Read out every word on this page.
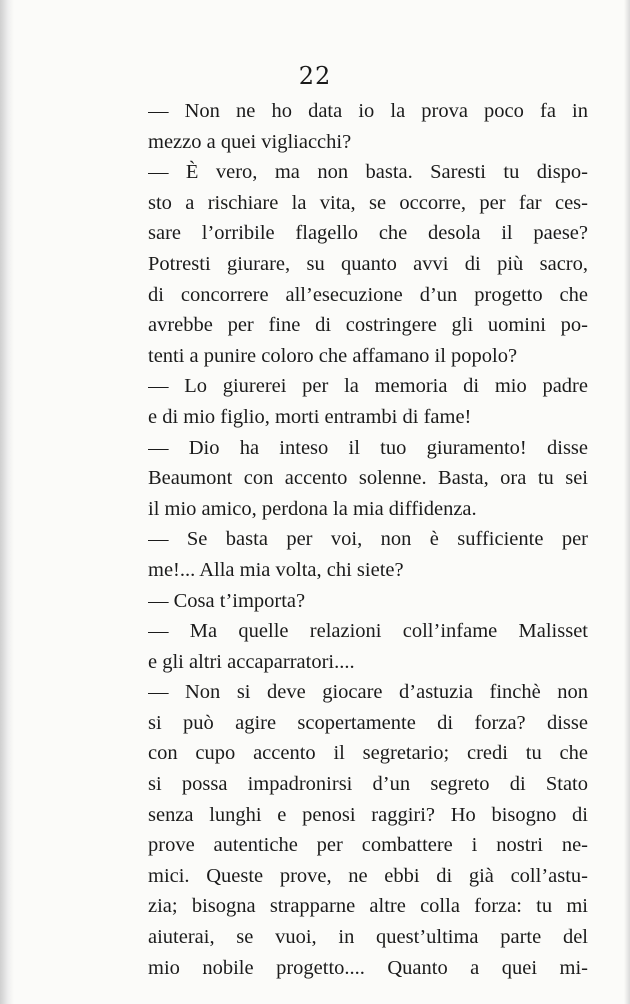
22
— Non ne ho data io la prova poco fa in
mezzo a quei vigliacchi?
— È vero, ma non basta. Saresti tu dispo-
sto a rischiare la vita, se occorre, per far ces-
sare l’orribile flagello che desola il paese?
Potresti giurare, su quanto avvi di più sacro,
di concorrere all’esecuzione d’un progetto che
avrebbe per fine di costringere gli uomini po-
tenti a punire coloro che affamano il popolo?
— Lo giurerei per la memoria di mio padre
e di mio figlio, morti entrambi di fame!
— Dio ha inteso il tuo giuramento! disse
Beaumont con accento solenne. Basta, ora tu sei
il mio amico, perdona la mia diffidenza.
— Se basta per voi, non è sufficiente per
me!... Alla mia volta, chi siete?
— Cosa t’importa?
— Ma quelle relazioni coll’infame Malisset
e gli altri accaparratori....
— Non si deve giocare d’astuzia finchè non
si può agire scopertamente di forza? disse
con cupo accento il segretario; credi tu che
si possa impadronirsi d’un segreto di Stato
senza lunghi e penosi raggiri? Ho bisogno di
prove autentiche per combattere i nostri ne-
mici. Queste prove, ne ebbi di già coll’astu-
zia; bisogna strapparne altre colla forza: tu mi
aiuterai, se vuoi, in quest’ultima parte del
mio nobile progetto.... Quanto a quei mi-
